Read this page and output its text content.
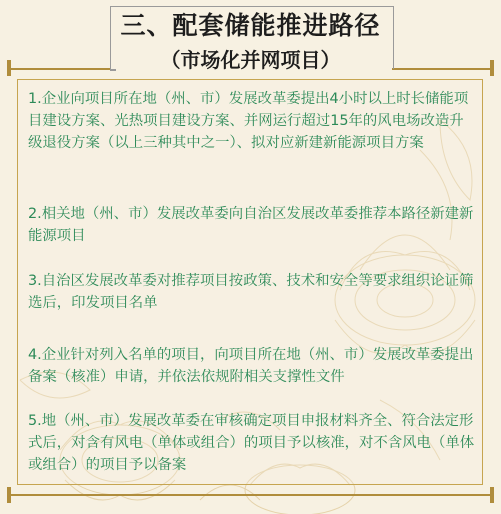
三、配套储能推进路径
（市场化并网项目）

1.企业向项目所在地（州、市）发展改革委提出4小时以上时长储能项目建设方案、光热项目建设方案、并网运行超过15年的风电场改造升级退役方案（以上三种其中之一）、拟对应新建新能源项目方案

2.相关地（州、市）发展改革委向自治区发展改革委推荐本路径新建新能源项目

3.自治区发展改革委对推荐项目按政策、技术和安全等要求组织论证筛选后，印发项目名单

4.企业针对列入名单的项目，向项目所在地（州、市）发展改革委提出备案（核准）申请，并依法依规附相关支撑性文件

5.地（州、市）发展改革委在审核确定项目申报材料齐全、符合法定形式后，对含有风电（单体或组合）的项目予以核准，对不含风电（单体或组合）的项目予以备案
